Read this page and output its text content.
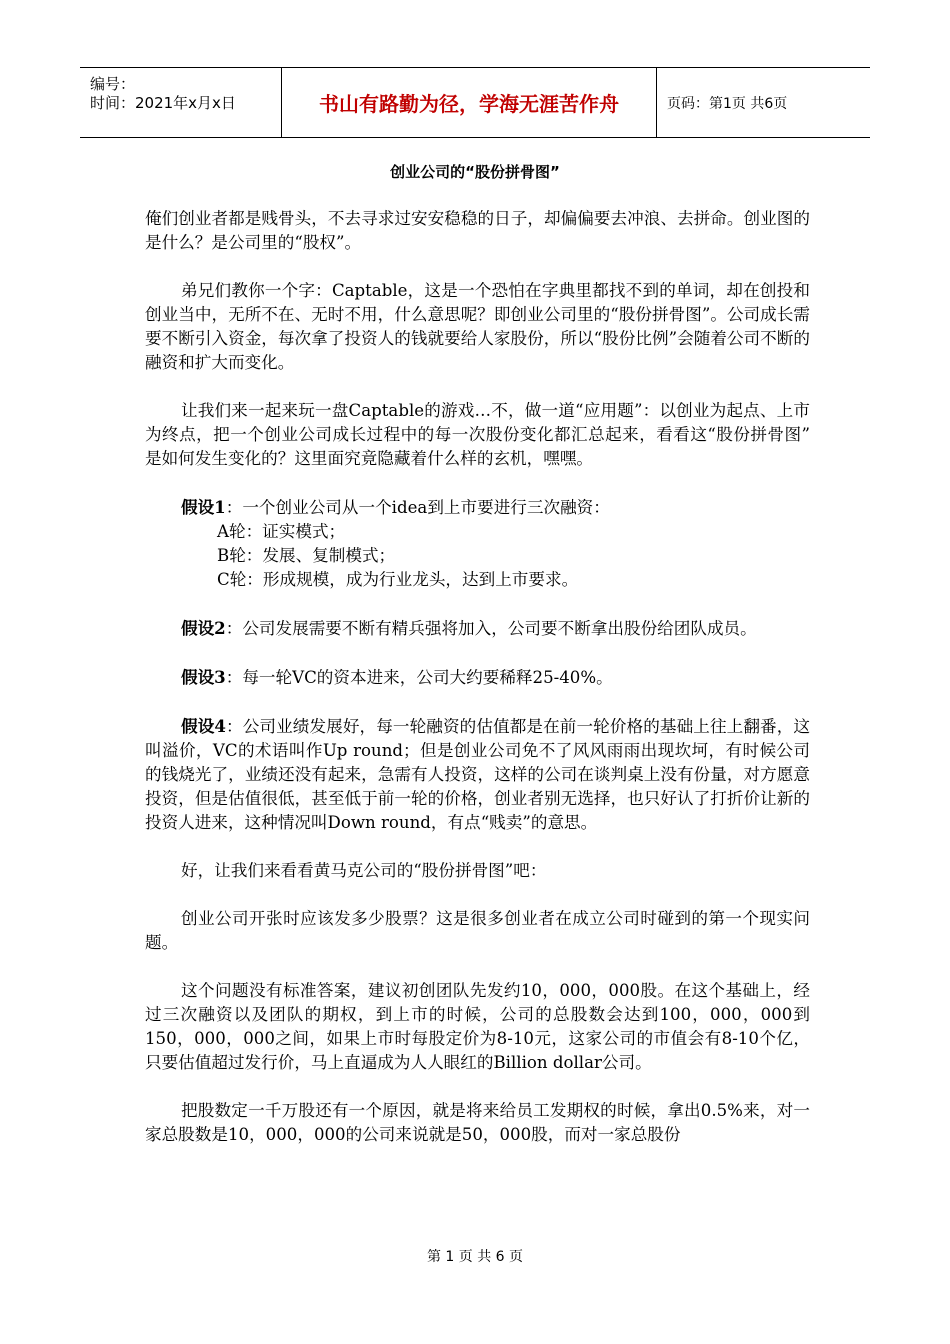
编号：
时间：2021年x月x日	书山有路勤为径，学海无涯苦作舟	页码：第1页 共6页
创业公司的“股份拼骨图”

俺们创业者都是贱骨头，不去寻求过安安稳稳的日子，却偏偏要去冲浪、去拼命。创业图的是什么？是公司里的“股权”。

弟兄们教你一个字：Captable，这是一个恐怕在字典里都找不到的单词，却在创投和创业当中，无所不在、无时不用，什么意思呢？即创业公司里的“股份拼骨图”。公司成长需要不断引入资金，每次拿了投资人的钱就要给人家股份，所以“股份比例”会随着公司不断的融资和扩大而变化。

让我们来一起来玩一盘Captable的游戏…不，做一道“应用题”：以创业为起点、上市为终点，把一个创业公司成长过程中的每一次股份变化都汇总起来，看看这“股份拼骨图” 是如何发生变化的？这里面究竟隐藏着什么样的玄机，嘿嘿。

假设1：一个创业公司从一个idea到上市要进行三次融资：
A轮：证实模式；
B轮：发展、复制模式；

C轮：形成规模，成为行业龙头，达到上市要求。

假设2：公司发展需要不断有精兵强将加入，公司要不断拿出股份给团队成员。

假设3：每一轮VC的资本进来，公司大约要稀释25-40%。

假设4：公司业绩发展好，每一轮融资的估值都是在前一轮价格的基础上往上翻番，这叫溢价，VC的术语叫作Up round；但是创业公司免不了风风雨雨出现坎坷，有时候公司的钱烧光了，业绩还没有起来，急需有人投资，这样的公司在谈判桌上没有份量，对方愿意投资，但是估值很低，甚至低于前一轮的价格，创业者别无选择，也只好认了打折价让新的投资人进来，这种情况叫Down round，有点“贱卖”的意思。

好，让我们来看看黄马克公司的“股份拼骨图”吧：

创业公司开张时应该发多少股票？这是很多创业者在成立公司时碰到的第一个现实问题。

这个问题没有标准答案，建议初创团队先发约10，000，000股。在这个基础上，经过三次融资以及团队的期权，到上市的时候，公司的总股数会达到100，000，000到150，000，000之间，如果上市时每股定价为8-10元，这家公司的市值会有8-10个亿，只要估值超过发行价，马上直逼成为人人眼红的Billion dollar公司。

把股数定一千万股还有一个原因，就是将来给员工发期权的时候，拿出0.5%来，对一家总股数是10，000，000的公司来说就是50，000股，而对一家总股份

第 1 页 共 6 页
